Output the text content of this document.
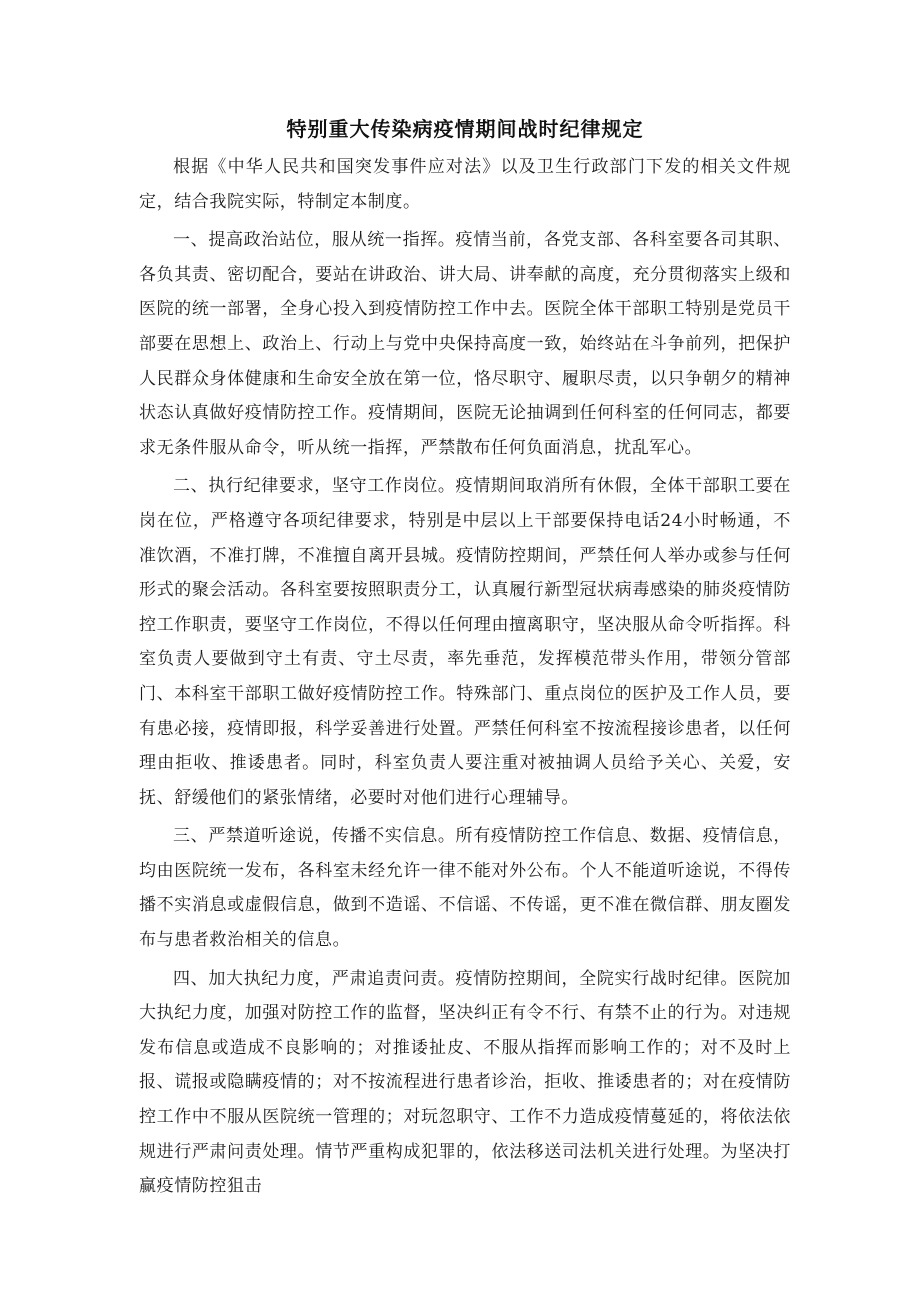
特别重大传染病疫情期间战时纪律规定

根据《中华人民共和国突发事件应对法》以及卫生行政部门下发的相关文件规定，结合我院实际，特制定本制度。

一、提高政治站位，服从统一指挥。疫情当前，各党支部、各科室要各司其职、各负其责、密切配合，要站在讲政治、讲大局、讲奉献的高度，充分贯彻落实上级和医院的统一部署，全身心投入到疫情防控工作中去。医院全体干部职工特别是党员干部要在思想上、政治上、行动上与党中央保持高度一致，始终站在斗争前列，把保护人民群众身体健康和生命安全放在第一位，恪尽职守、履职尽责，以只争朝夕的精神状态认真做好疫情防控工作。疫情期间，医院无论抽调到任何科室的任何同志，都要求无条件服从命令，听从统一指挥，严禁散布任何负面消息，扰乱军心。

二、执行纪律要求，坚守工作岗位。疫情期间取消所有休假，全体干部职工要在岗在位，严格遵守各项纪律要求，特别是中层以上干部要保持电话24小时畅通，不准饮酒，不准打牌，不准擅自离开县城。疫情防控期间，严禁任何人举办或参与任何形式的聚会活动。各科室要按照职责分工，认真履行新型冠状病毒感染的肺炎疫情防控工作职责，要坚守工作岗位，不得以任何理由擅离职守，坚决服从命令听指挥。科室负责人要做到守土有责、守土尽责，率先垂范，发挥模范带头作用，带领分管部门、本科室干部职工做好疫情防控工作。特殊部门、重点岗位的医护及工作人员，要有患必接，疫情即报，科学妥善进行处置。严禁任何科室不按流程接诊患者，以任何理由拒收、推诿患者。同时，科室负责人要注重对被抽调人员给予关心、关爱，安抚、舒缓他们的紧张情绪，必要时对他们进行心理辅导。

三、严禁道听途说，传播不实信息。所有疫情防控工作信息、数据、疫情信息，均由医院统一发布，各科室未经允许一律不能对外公布。个人不能道听途说，不得传播不实消息或虚假信息，做到不造谣、不信谣、不传谣，更不准在微信群、朋友圈发布与患者救治相关的信息。

四、加大执纪力度，严肃追责问责。疫情防控期间，全院实行战时纪律。医院加大执纪力度，加强对防控工作的监督，坚决纠正有令不行、有禁不止的行为。对违规发布信息或造成不良影响的；对推诿扯皮、不服从指挥而影响工作的；对不及时上报、谎报或隐瞒疫情的；对不按流程进行患者诊治，拒收、推诿患者的；对在疫情防控工作中不服从医院统一管理的；对玩忽职守、工作不力造成疫情蔓延的，将依法依规进行严肃问责处理。情节严重构成犯罪的，依法移送司法机关进行处理。为坚决打赢疫情防控狙击
